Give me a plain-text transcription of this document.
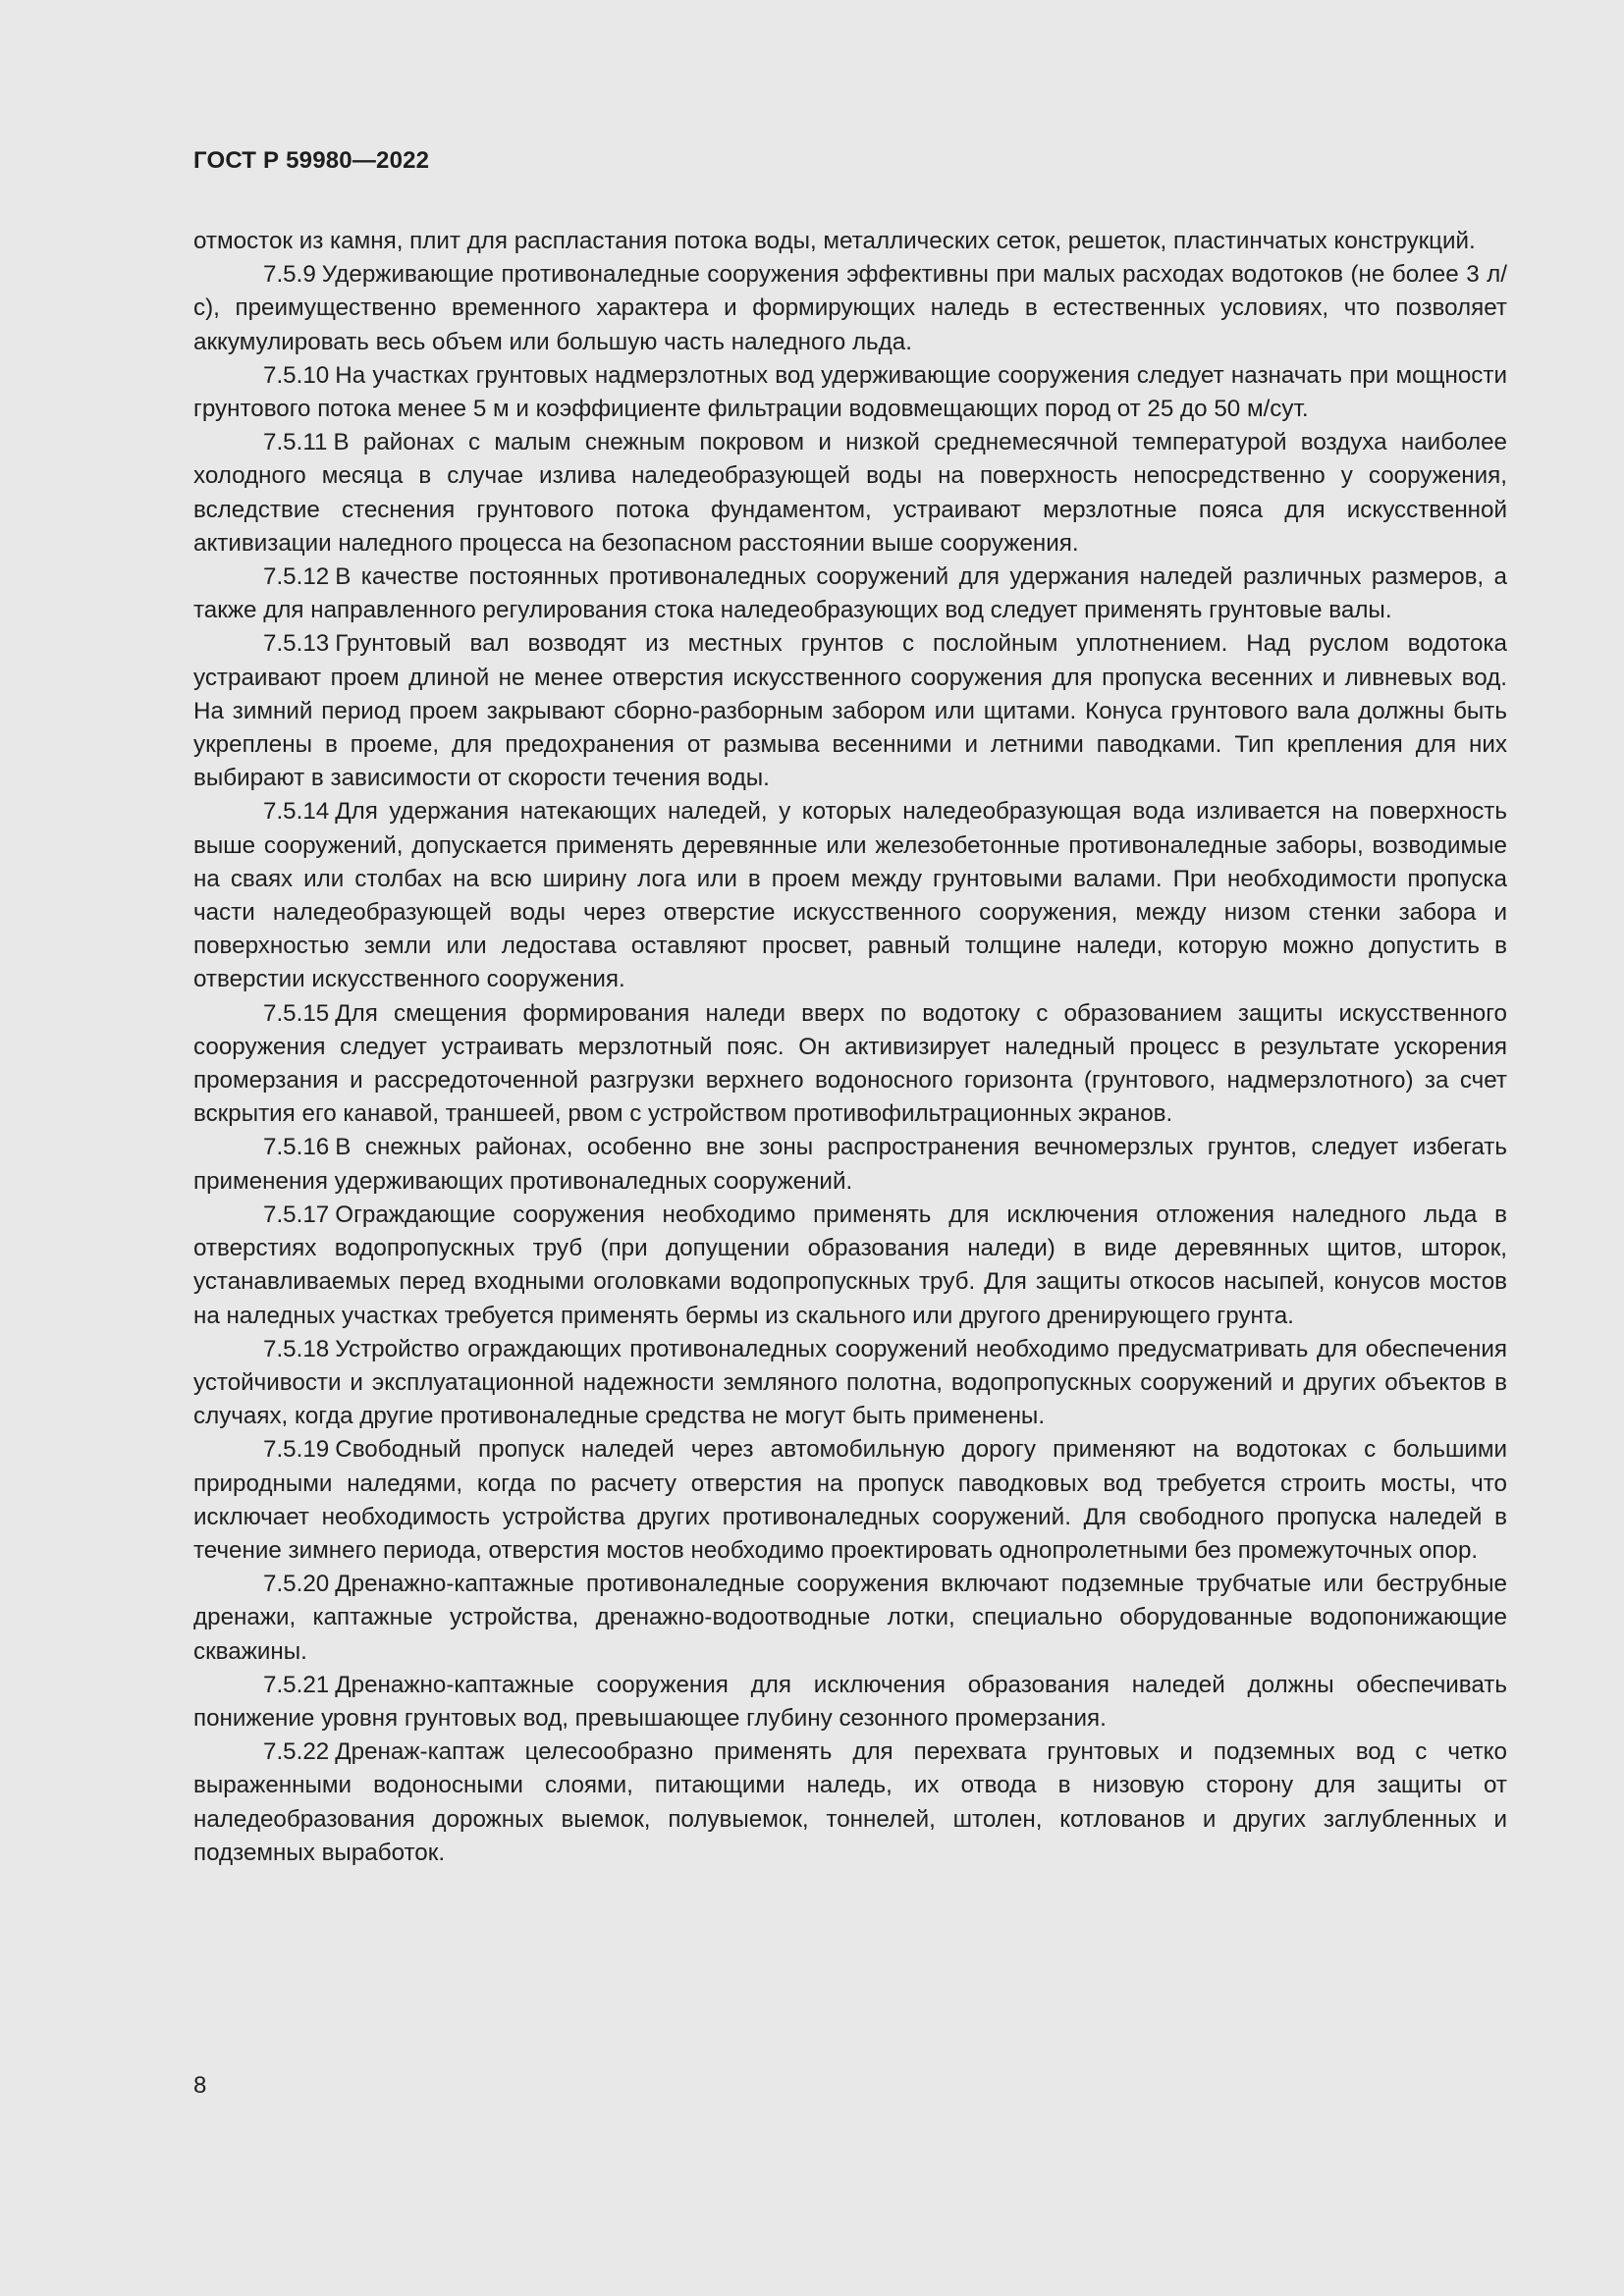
ГОСТ Р 59980—2022

отмосток из камня, плит для распластания потока воды, металлических сеток, решеток, пластинчатых конструкций.

7.5.9 Удерживающие противоналедные сооружения эффективны при малых расходах водотоков (не более 3 л/с), преимущественно временного характера и формирующих наледь в естественных условиях, что позволяет аккумулировать весь объем или большую часть наледного льда.

7.5.10 На участках грунтовых надмерзлотных вод удерживающие сооружения следует назначать при мощности грунтового потока менее 5 м и коэффициенте фильтрации водовмещающих пород от 25 до 50 м/сут.

7.5.11 В районах с малым снежным покровом и низкой среднемесячной температурой воздуха наиболее холодного месяца в случае излива наледеобразующей воды на поверхность непосредственно у сооружения, вследствие стеснения грунтового потока фундаментом, устраивают мерзлотные пояса для искусственной активизации наледного процесса на безопасном расстоянии выше сооружения.

7.5.12 В качестве постоянных противоналедных сооружений для удержания наледей различных размеров, а также для направленного регулирования стока наледеобразующих вод следует применять грунтовые валы.

7.5.13 Грунтовый вал возводят из местных грунтов с послойным уплотнением. Над руслом водотока устраивают проем длиной не менее отверстия искусственного сооружения для пропуска весенних и ливневых вод. На зимний период проем закрывают сборно-разборным забором или щитами. Конуса грунтового вала должны быть укреплены в проеме, для предохранения от размыва весенними и летними паводками. Тип крепления для них выбирают в зависимости от скорости течения воды.

7.5.14 Для удержания натекающих наледей, у которых наледеобразующая вода изливается на поверхность выше сооружений, допускается применять деревянные или железобетонные противоналедные заборы, возводимые на сваях или столбах на всю ширину лога или в проем между грунтовыми валами. При необходимости пропуска части наледеобразующей воды через отверстие искусственного сооружения, между низом стенки забора и поверхностью земли или ледостава оставляют просвет, равный толщине наледи, которую можно допустить в отверстии искусственного сооружения.

7.5.15 Для смещения формирования наледи вверх по водотоку с образованием защиты искусственного сооружения следует устраивать мерзлотный пояс. Он активизирует наледный процесс в результате ускорения промерзания и рассредоточенной разгрузки верхнего водоносного горизонта (грунтового, надмерзлотного) за счет вскрытия его канавой, траншеей, рвом с устройством противофильтрационных экранов.

7.5.16 В снежных районах, особенно вне зоны распространения вечномерзлых грунтов, следует избегать применения удерживающих противоналедных сооружений.

7.5.17 Ограждающие сооружения необходимо применять для исключения отложения наледного льда в отверстиях водопропускных труб (при допущении образования наледи) в виде деревянных щитов, шторок, устанавливаемых перед входными оголовками водопропускных труб. Для защиты откосов насыпей, конусов мостов на наледных участках требуется применять бермы из скального или другого дренирующего грунта.

7.5.18 Устройство ограждающих противоналедных сооружений необходимо предусматривать для обеспечения устойчивости и эксплуатационной надежности земляного полотна, водопропускных сооружений и других объектов в случаях, когда другие противоналедные средства не могут быть применены.

7.5.19 Свободный пропуск наледей через автомобильную дорогу применяют на водотоках с большими природными наледями, когда по расчету отверстия на пропуск паводковых вод требуется строить мосты, что исключает необходимость устройства других противоналедных сооружений. Для свободного пропуска наледей в течение зимнего периода, отверстия мостов необходимо проектировать однопролетными без промежуточных опор.

7.5.20 Дренажно-каптажные противоналедные сооружения включают подземные трубчатые или беструбные дренажи, каптажные устройства, дренажно-водоотводные лотки, специально оборудованные водопонижающие скважины.

7.5.21 Дренажно-каптажные сооружения для исключения образования наледей должны обеспечивать понижение уровня грунтовых вод, превышающее глубину сезонного промерзания.

7.5.22 Дренаж-каптаж целесообразно применять для перехвата грунтовых и подземных вод с четко выраженными водоносными слоями, питающими наледь, их отвода в низовую сторону для защиты от наледеобразования дорожных выемок, полувыемок, тоннелей, штолен, котлованов и других заглубленных и подземных выработок.

8
